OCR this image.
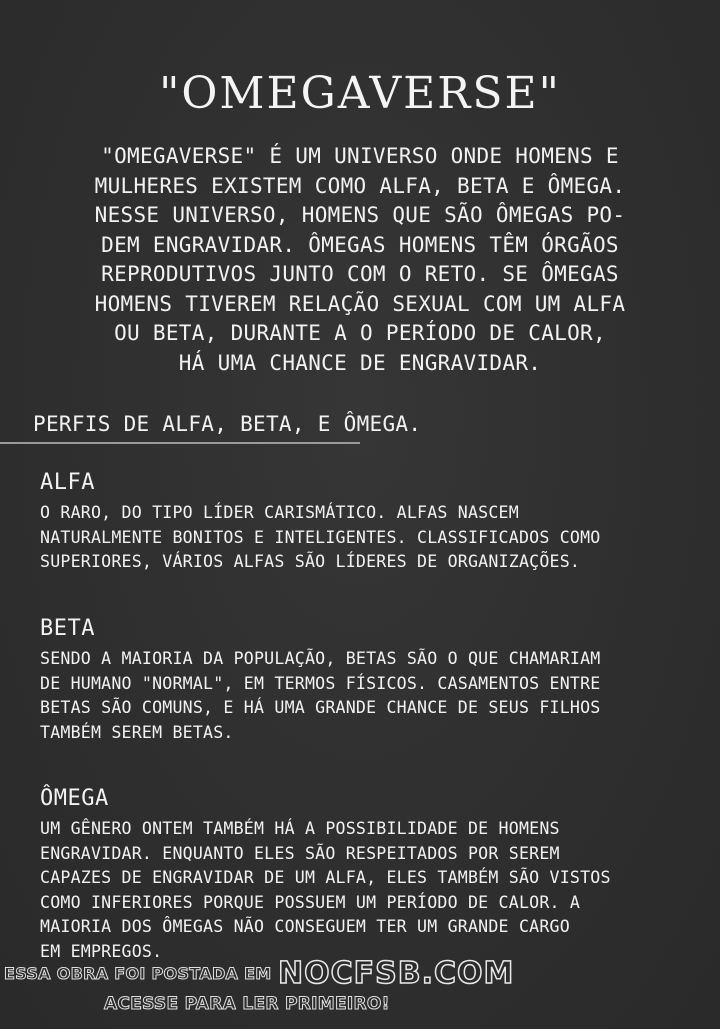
"OMEGAVERSE"

"OMEGAVERSE" É UM UNIVERSO ONDE HOMENS E
MULHERES EXISTEM COMO ALFA, BETA E ÔMEGA.
NESSE UNIVERSO, HOMENS QUE SÃO ÔMEGAS PO-
DEM ENGRAVIDAR. ÔMEGAS HOMENS TÊM ÓRGÃOS
REPRODUTIVOS JUNTO COM O RETO. SE ÔMEGAS
HOMENS TIVEREM RELAÇÃO SEXUAL COM UM ALFA
OU BETA, DURANTE A O PERÍODO DE CALOR,
HÁ UMA CHANCE DE ENGRAVIDAR.

PERFIS DE ALFA, BETA, E ÔMEGA.
ALFA
O RARO, DO TIPO LÍDER CARISMÁTICO. ALFAS NASCEM
NATURALMENTE BONITOS E INTELIGENTES. CLASSIFICADOS COMO
SUPERIORES, VÁRIOS ALFAS SÃO LÍDERES DE ORGANIZAÇÕES.
BETA
SENDO A MAIORIA DA POPULAÇÃO, BETAS SÃO O QUE CHAMARIAM
DE HUMANO "NORMAL", EM TERMOS FÍSICOS. CASAMENTOS ENTRE
BETAS SÃO COMUNS, E HÁ UMA GRANDE CHANCE DE SEUS FILHOS
TAMBÉM SEREM BETAS.
ÔMEGA
UM GÊNERO ONTEM TAMBÉM HÁ A POSSIBILIDADE DE HOMENS
ENGRAVIDAR. ENQUANTO ELES SÃO RESPEITADOS POR SEREM
CAPAZES DE ENGRAVIDAR DE UM ALFA, ELES TAMBÉM SÃO VISTOS
COMO INFERIORES PORQUE POSSUEM UM PERÍODO DE CALOR. A
MAIORIA DOS ÔMEGAS NÃO CONSEGUEM TER UM GRANDE CARGO
EM EMPREGOS.
ESSA OBRA FOI POSTADA EM NOCFSB.COM
ACESSE PARA LER PRIMEIRO!
